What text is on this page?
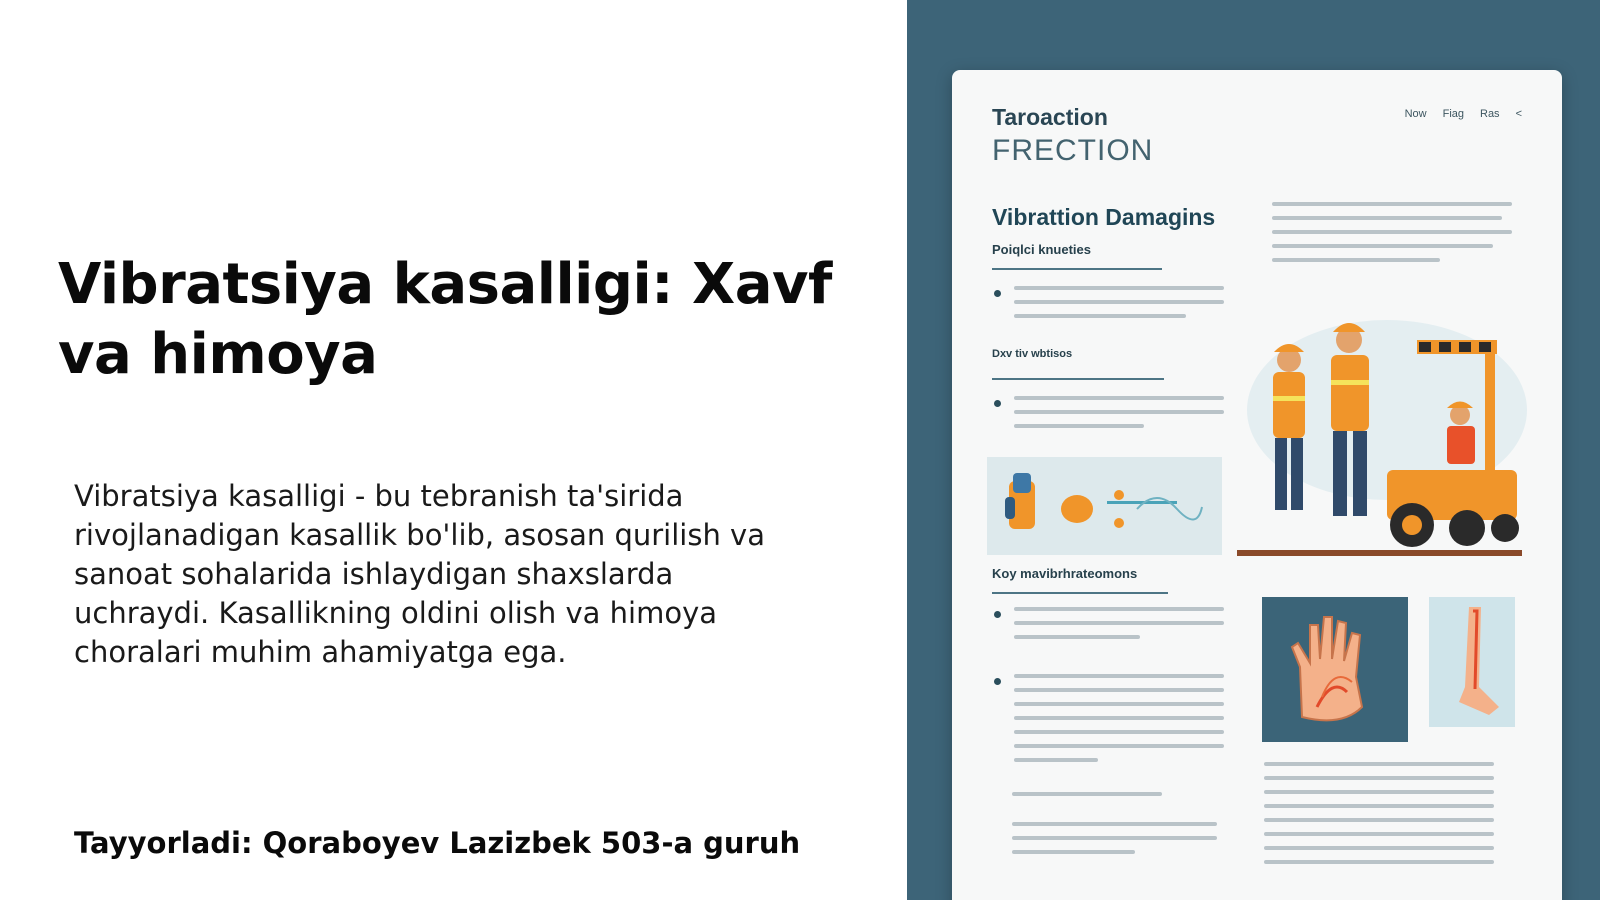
Vibratsiya kasalligi: Xavf va himoya

Vibratsiya kasalligi - bu tebranish ta'sirida rivojlanadigan kasallik bo'lib, asosan qurilish va sanoat sohalarida ishlaydigan shaxslarda uchraydi. Kasallikning oldini olish va himoya choralari muhim ahamiyatga ega.

Tayyorladi: Qoraboyev Lazizbek 503-a guruh

Taroaction
FRECTION
Now Fiag Ras <
Vibrattion Damagins
Poiqlci knueties
Dxv tiv wbtisos
Koy mavibrhrateomons
